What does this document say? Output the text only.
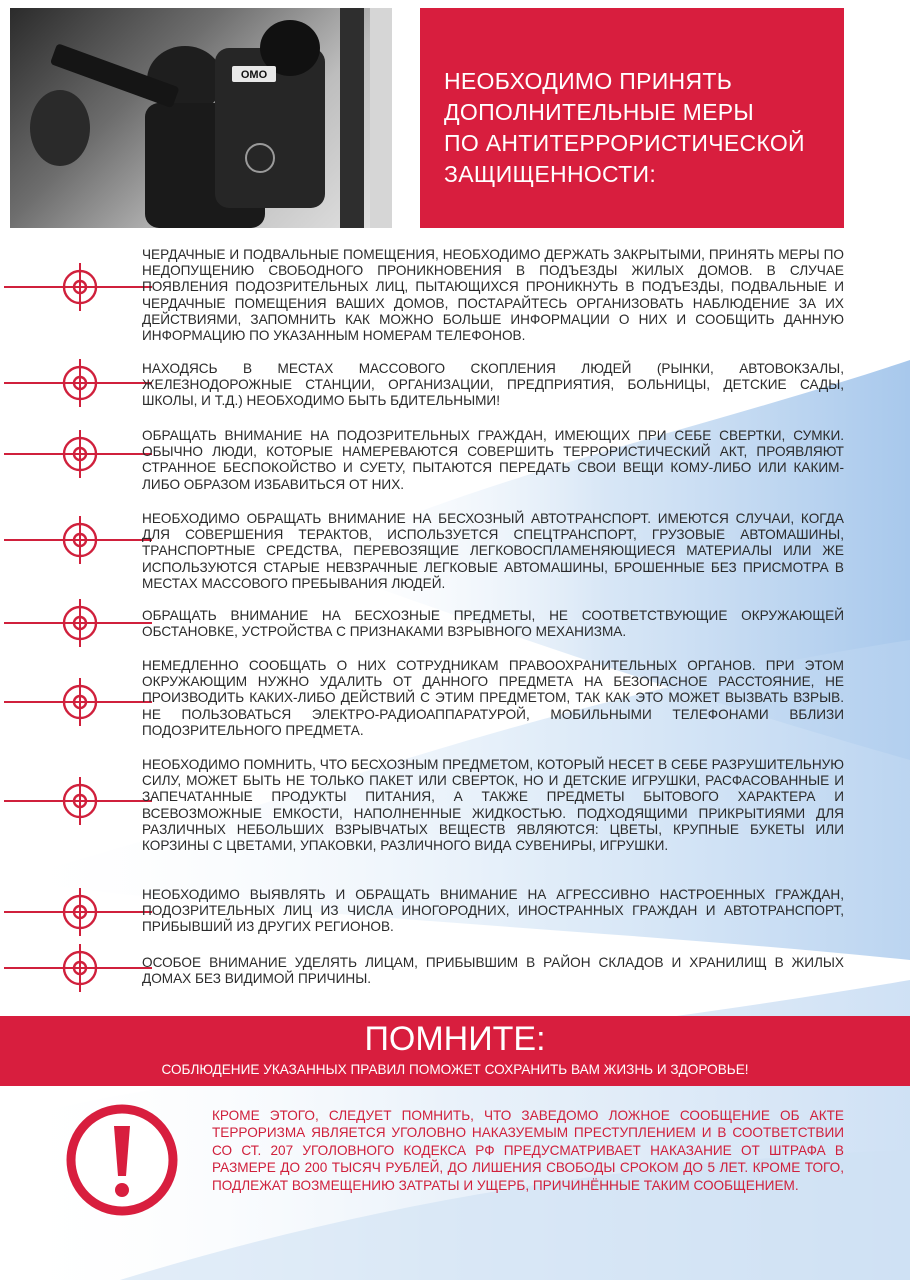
ОМО	НЕОБХОДИМО ПРИНЯТЬ
ДОПОЛНИТЕЛЬНЫЕ МЕРЫ
ПО АНТИТЕРРОРИСТИЧЕСКОЙ
ЗАЩИЩЕННОСТИ:

ЧЕРДАЧНЫЕ И ПОДВАЛЬНЫЕ ПОМЕЩЕНИЯ, НЕОБХОДИМО ДЕРЖАТЬ ЗАКРЫТЫМИ, ПРИНЯТЬ МЕРЫ ПО НЕДОПУЩЕНИЮ СВОБОДНОГО ПРОНИКНОВЕНИЯ В ПОДЪЕЗДЫ ЖИЛЫХ ДОМОВ. В СЛУЧАЕ ПОЯВЛЕНИЯ ПОДОЗРИТЕЛЬНЫХ ЛИЦ, ПЫТАЮЩИХСЯ ПРОНИКНУТЬ В ПОДЪЕЗДЫ, ПОДВАЛЬНЫЕ И ЧЕРДАЧНЫЕ ПОМЕЩЕНИЯ ВАШИХ ДОМОВ, ПОСТАРАЙТЕСЬ ОРГАНИЗОВАТЬ НАБЛЮДЕНИЕ ЗА ИХ ДЕЙСТВИЯМИ, ЗАПОМНИТЬ КАК МОЖНО БОЛЬШЕ ИНФОРМАЦИИ О НИХ И СООБЩИТЬ ДАННУЮ ИНФОРМАЦИЮ ПО УКАЗАННЫМ НОМЕРАМ ТЕЛЕФОНОВ.

НАХОДЯСЬ В МЕСТАХ МАССОВОГО СКОПЛЕНИЯ ЛЮДЕЙ (РЫНКИ, АВТОВОКЗАЛЫ, ЖЕЛЕЗНОДОРОЖНЫЕ СТАНЦИИ, ОРГАНИЗАЦИИ, ПРЕДПРИЯТИЯ, БОЛЬНИЦЫ, ДЕТСКИЕ САДЫ, ШКОЛЫ, И Т.Д.) НЕОБХОДИМО БЫТЬ БДИТЕЛЬНЫМИ!

ОБРАЩАТЬ ВНИМАНИЕ НА ПОДОЗРИТЕЛЬНЫХ ГРАЖДАН, ИМЕЮЩИХ ПРИ СЕБЕ СВЕРТКИ, СУМКИ. ОБЫЧНО ЛЮДИ, КОТОРЫЕ НАМЕРЕВАЮТСЯ СОВЕРШИТЬ ТЕРРОРИСТИЧЕСКИЙ АКТ, ПРОЯВЛЯЮТ СТРАННОЕ БЕСПОКОЙСТВО И СУЕТУ, ПЫТАЮТСЯ ПЕРЕДАТЬ СВОИ ВЕЩИ КОМУ-ЛИБО ИЛИ КАКИМ-ЛИБО ОБРАЗОМ ИЗБАВИТЬСЯ ОТ НИХ.

НЕОБХОДИМО ОБРАЩАТЬ ВНИМАНИЕ НА БЕСХОЗНЫЙ АВТОТРАНСПОРТ. ИМЕЮТСЯ СЛУЧАИ, КОГДА ДЛЯ СОВЕРШЕНИЯ ТЕРАКТОВ, ИСПОЛЬЗУЕТСЯ СПЕЦТРАНСПОРТ, ГРУЗОВЫЕ АВТОМАШИНЫ, ТРАНСПОРТНЫЕ СРЕДСТВА, ПЕРЕВОЗЯЩИЕ ЛЕГКОВОСПЛАМЕНЯЮЩИЕСЯ МАТЕРИАЛЫ ИЛИ ЖЕ ИСПОЛЬЗУЮТСЯ СТАРЫЕ НЕВЗРАЧНЫЕ ЛЕГКОВЫЕ АВТОМАШИНЫ, БРОШЕННЫЕ БЕЗ ПРИСМОТРА В МЕСТАХ МАССОВОГО ПРЕБЫВАНИЯ ЛЮДЕЙ.

ОБРАЩАТЬ ВНИМАНИЕ НА БЕСХОЗНЫЕ ПРЕДМЕТЫ, НЕ СООТВЕТСТВУЮЩИЕ ОКРУЖАЮЩЕЙ ОБСТАНОВКЕ, УСТРОЙСТВА С ПРИЗНАКАМИ ВЗРЫВНОГО МЕХАНИЗМА.

НЕМЕДЛЕННО СООБЩАТЬ О НИХ СОТРУДНИКАМ ПРАВООХРАНИТЕЛЬНЫХ ОРГАНОВ. ПРИ ЭТОМ ОКРУЖАЮЩИМ НУЖНО УДАЛИТЬ ОТ ДАННОГО ПРЕДМЕТА НА БЕЗОПАСНОЕ РАССТОЯНИЕ, НЕ ПРОИЗВОДИТЬ КАКИХ-ЛИБО ДЕЙСТВИЙ С ЭТИМ ПРЕДМЕТОМ, ТАК КАК ЭТО МОЖЕТ ВЫЗВАТЬ ВЗРЫВ. НЕ ПОЛЬЗОВАТЬСЯ ЭЛЕКТРО-РАДИОАППАРАТУРОЙ, МОБИЛЬНЫМИ ТЕЛЕФОНАМИ ВБЛИЗИ ПОДОЗРИТЕЛЬНОГО ПРЕДМЕТА.

НЕОБХОДИМО ПОМНИТЬ, ЧТО БЕСХОЗНЫМ ПРЕДМЕТОМ, КОТОРЫЙ НЕСЕТ В СЕБЕ РАЗРУШИТЕЛЬНУЮ СИЛУ, МОЖЕТ БЫТЬ НЕ ТОЛЬКО ПАКЕТ ИЛИ СВЕРТОК, НО И ДЕТСКИЕ ИГРУШКИ, РАСФАСОВАННЫЕ И ЗАПЕЧАТАННЫЕ ПРОДУКТЫ ПИТАНИЯ, А ТАКЖЕ ПРЕДМЕТЫ БЫТОВОГО ХАРАКТЕРА И ВСЕВОЗМОЖНЫЕ ЕМКОСТИ, НАПОЛНЕННЫЕ ЖИДКОСТЬЮ. ПОДХОДЯЩИМИ ПРИКРЫТИЯМИ ДЛЯ РАЗЛИЧНЫХ НЕБОЛЬШИХ ВЗРЫВЧАТЫХ ВЕЩЕСТВ ЯВЛЯЮТСЯ: ЦВЕТЫ, КРУПНЫЕ БУКЕТЫ ИЛИ КОРЗИНЫ С ЦВЕТАМИ, УПАКОВКИ, РАЗЛИЧНОГО ВИДА СУВЕНИРЫ, ИГРУШКИ.

НЕОБХОДИМО ВЫЯВЛЯТЬ И ОБРАЩАТЬ ВНИМАНИЕ НА АГРЕССИВНО НАСТРОЕННЫХ ГРАЖДАН, ПОДОЗРИТЕЛЬНЫХ ЛИЦ ИЗ ЧИСЛА ИНОГОРОДНИХ, ИНОСТРАННЫХ ГРАЖДАН И АВТОТРАНСПОРТ, ПРИБЫВШИЙ ИЗ ДРУГИХ РЕГИОНОВ.

ОСОБОЕ ВНИМАНИЕ УДЕЛЯТЬ ЛИЦАМ, ПРИБЫВШИМ В РАЙОН СКЛАДОВ И ХРАНИЛИЩ В ЖИЛЫХ ДОМАХ БЕЗ ВИДИМОЙ ПРИЧИНЫ.

ПОМНИТЕ:

СОБЛЮДЕНИЕ УКАЗАННЫХ ПРАВИЛ ПОМОЖЕТ СОХРАНИТЬ ВАМ ЖИЗНЬ И ЗДОРОВЬЕ!

КРОМЕ ЭТОГО, СЛЕДУЕТ ПОМНИТЬ, ЧТО ЗАВЕДОМО ЛОЖНОЕ СООБЩЕНИЕ ОБ АКТЕ ТЕРРОРИЗМА ЯВЛЯЕТСЯ УГОЛОВНО НАКАЗУЕМЫМ ПРЕСТУПЛЕНИЕМ И В СООТВЕТСТВИИ СО СТ. 207 УГОЛОВНОГО КОДЕКСА РФ ПРЕДУСМАТРИВАЕТ НАКАЗАНИЕ ОТ ШТРАФА В РАЗМЕРЕ ДО 200 ТЫСЯЧ РУБЛЕЙ, ДО ЛИШЕНИЯ СВОБОДЫ СРОКОМ ДО 5 ЛЕТ. КРОМЕ ТОГО, ПОДЛЕЖАТ ВОЗМЕЩЕНИЮ ЗАТРАТЫ И УЩЕРБ, ПРИЧИНЁННЫЕ ТАКИМ СООБЩЕНИЕМ.
